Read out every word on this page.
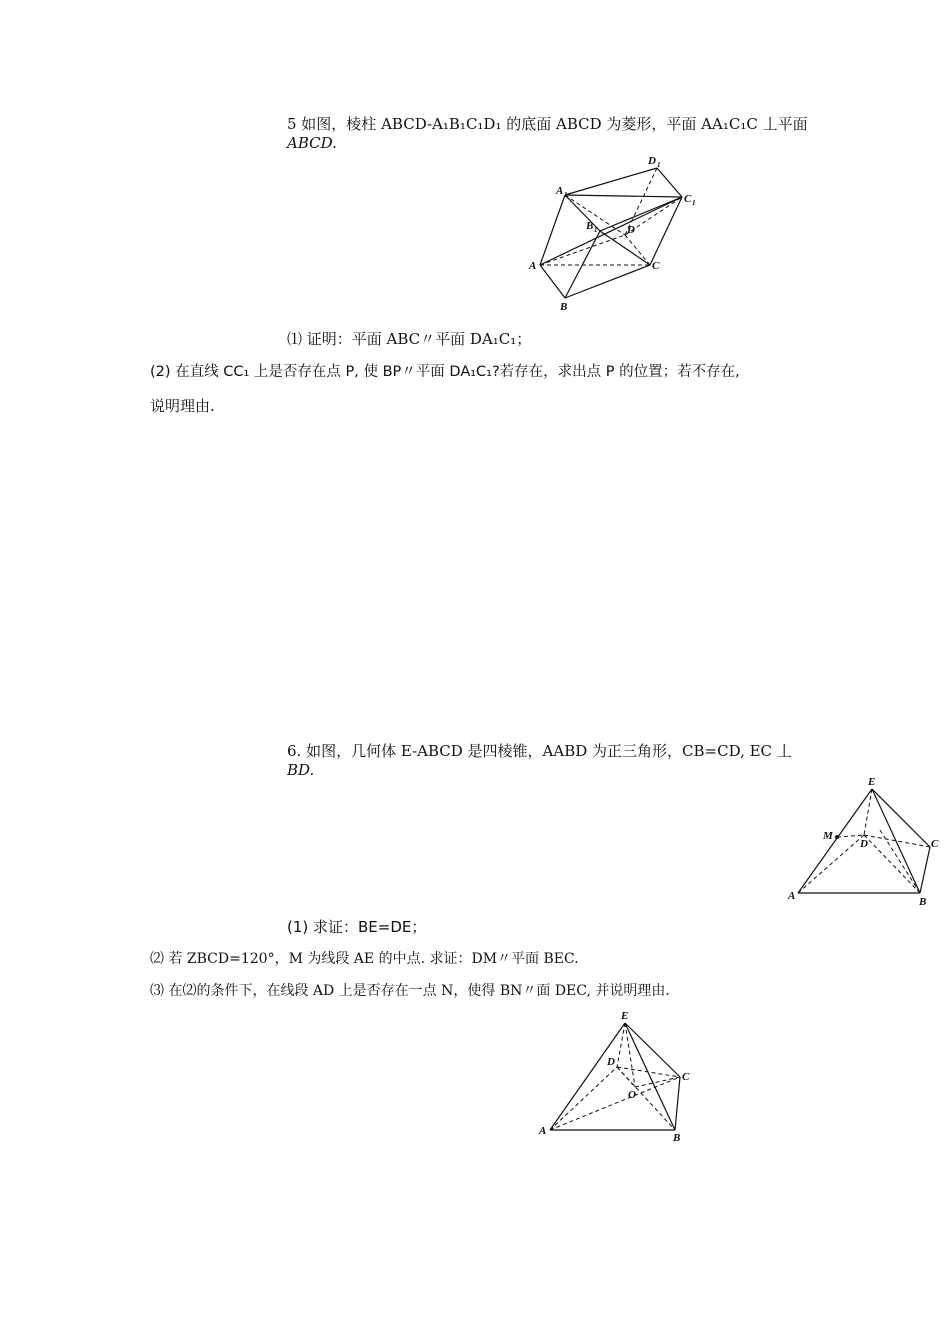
5 如图，棱柱 ABCD-A₁B₁C₁D₁ 的底面 ABCD 为菱形，平面 AA₁C₁C 丄平面
ABCD.
A 1
D 1
C 1
B 1	D
A	C
B
⑴ 证明：平面 ABC〃平面 DA₁C₁；
(2) 在直线 CC₁ 上是否存在点 P, 使 BP〃平面 DA₁C₁?若存在，求出点 P 的位置；若不存在,
说明理由.
6. 如图，几何体 E-ABCD 是四棱锥，AABD 为正三角形，CB=CD, EC 丄
BD.
E
M
D	C
A	B
(1) 求证：BE=DE；
⑵ 若 ZBCD=120°，M 为线段 AE 的中点. 求证：DM〃平面 BEC.
⑶ 在⑵的条件下，在线段 AD 上是否存在一点 N，使得 BN〃面 DEC, 并说明理由.
E
D
C
O
A
B
